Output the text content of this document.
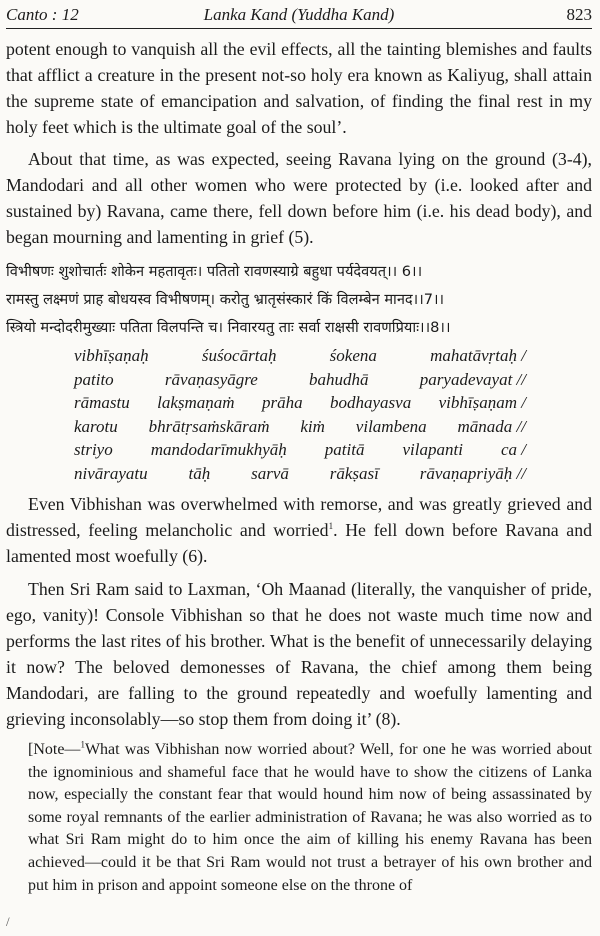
Canto : 12	Lanka Kand (Yuddha Kand)	823

potent enough to vanquish all the evil effects, all the tainting blemishes and faults that afflict a creature in the present not-so holy era known as Kaliyug, shall attain the supreme state of emancipation and salvation, of finding the final rest in my holy feet which is the ultimate goal of the soul’.

About that time, as was expected, seeing Ravana lying on the ground (3-4), Mandodari and all other women who were protected by (i.e. looked after and sustained by) Ravana, came there, fell down before him (i.e. his dead body), and began mourning and lamenting in grief (5).

विभीषणः शुशोचार्तः शोकेन महतावृतः। पतितो रावणस्याग्रे बहुधा पर्यदेवयत्।। 6।।

रामस्तु लक्ष्मणं प्राह बोधयस्व विभीषणम्। करोतु भ्रातृसंस्कारं किं विलम्बेन मानद।।7।।

स्त्रियो मन्दोदरीमुख्याः पतिता विलपन्ति च। निवारयतु ताः सर्वा राक्षसी रावणप्रियाः।।8।।

vibhīṣaṇaḥ	śuśocārtaḥ	śokena	mahatāvṛtaḥ /
patito	rāvaṇasyāgre	bahudhā	paryadevayat //
rāmastu lakṣmaṇaṁ prāha bodhayasva vibhīṣaṇam /
karotu bhrātṛsaṁskāraṁ kiṁ vilambena mānada //
striyo mandodarīmukhyāḥ patitā vilapanti ca /
nivārayatu tāḥ sarvā rākṣasī rāvaṇapriyāḥ //

Even Vibhishan was overwhelmed with remorse, and was greatly grieved and distressed, feeling melancholic and worried$^1$. He fell down before Ravana and lamented most woefully (6).

Then Sri Ram said to Laxman, ‘Oh Maanad (literally, the vanquisher of pride, ego, vanity)! Console Vibhishan so that he does not waste much time now and performs the last rites of his brother. What is the benefit of unnecessarily delaying it now? The beloved demonesses of Ravana, the chief among them being Mandodari, are falling to the ground repeatedly and woefully lamenting and grieving inconsolably—so stop them from doing it’ (8).

[Note—$^1$What was Vibhishan now worried about? Well, for one he was worried about the ignominious and shameful face that he would have to show the citizens of Lanka now, especially the constant fear that would hound him now of being assassinated by some royal remnants of the earlier administration of Ravana; he was also worried as to what Sri Ram might do to him once the aim of killing his enemy Ravana has been achieved—could it be that Sri Ram would not trust a betrayer of his own brother and put him in prison and appoint someone else on the throne of

/
